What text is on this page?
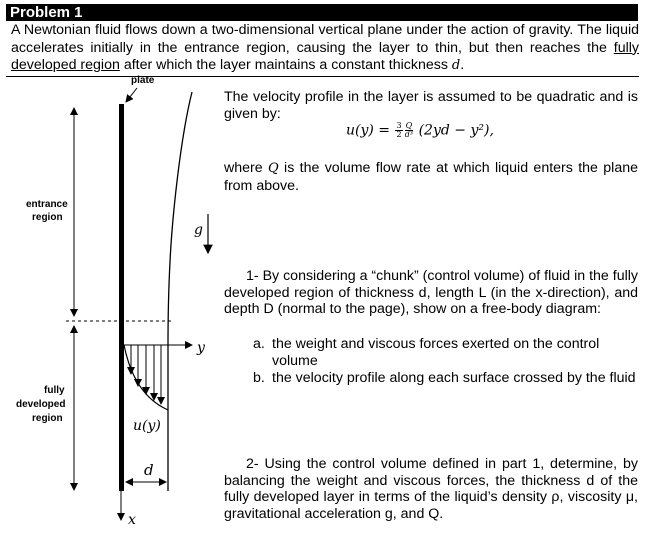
Problem 1
A Newtonian fluid flows down a two-dimensional vertical plane under the action of gravity. The liquid accelerates initially in the entrance region, causing the layer to thin, but then reaches the fully developed region after which the layer maintains a constant thickness d.
plate
entrance
region
fully
developed
region
g
y
u(y)
d
x
The velocity profile in the layer is assumed to be quadratic and is given by:
$u(y) = \frac{3}{2} \frac{Q}{\text{d³}} (2yd - y^2)$,
where Q is the volume flow rate at which liquid enters the plane from above.
1- By considering a “chunk” (control volume) of fluid in the fully developed region of thickness d, length L (in the x-direction), and depth D (normal to the page), show on a free-body diagram:
a. the weight and viscous forces exerted on the control volume
b. the velocity profile along each surface crossed by the fluid
2- Using the control volume defined in part 1, determine, by balancing the weight and viscous forces, the thickness d of the fully developed layer in terms of the liquid’s density ρ, viscosity μ, gravitational acceleration g, and Q.
